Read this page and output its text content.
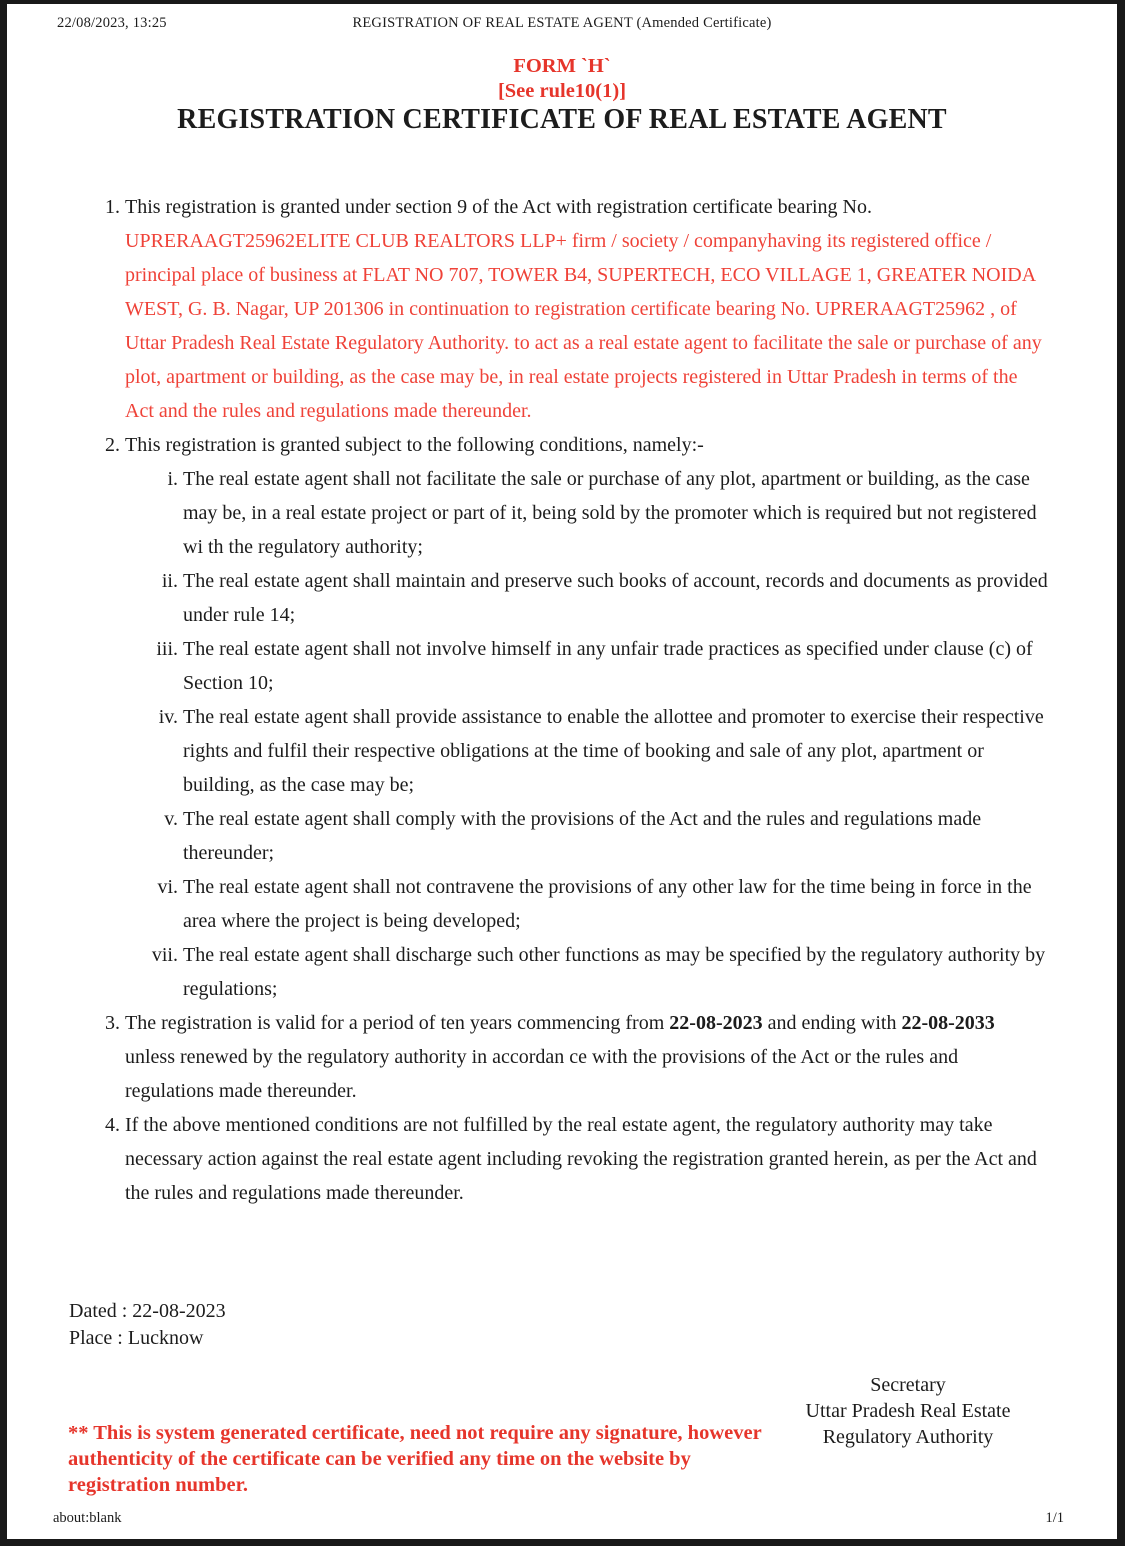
22/08/2023, 13:25	REGISTRATION OF REAL ESTATE AGENT (Amended Certificate)
FORM `H`
[See rule10(1)]
REGISTRATION CERTIFICATE OF REAL ESTATE AGENT
1. This registration is granted under section 9 of the Act with registration certificate bearing No. UPRERAAGT25962ELITE CLUB REALTORS LLP+ firm / society / companyhaving its registered office / principal place of business at FLAT NO 707, TOWER B4, SUPERTECH, ECO VILLAGE 1, GREATER NOIDA WEST, G. B. Nagar, UP 201306 in continuation to registration certificate bearing No. UPRERAAGT25962 , of Uttar Pradesh Real Estate Regulatory Authority. to act as a real estate agent to facilitate the sale or purchase of any plot, apartment or building, as the case may be, in real estate projects registered in Uttar Pradesh in terms of the Act and the rules and regulations made thereunder.
2. This registration is granted subject to the following conditions, namely:-
i. The real estate agent shall not facilitate the sale or purchase of any plot, apartment or building, as the case may be, in a real estate project or part of it, being sold by the promoter which is required but not registered wi th the regulatory authority;
ii. The real estate agent shall maintain and preserve such books of account, records and documents as provided under rule 14;
iii. The real estate agent shall not involve himself in any unfair trade practices as specified under clause (c) of Section 10;
iv. The real estate agent shall provide assistance to enable the allottee and promoter to exercise their respective rights and fulfil their respective obligations at the time of booking and sale of any plot, apartment or building, as the case may be;
v. The real estate agent shall comply with the provisions of the Act and the rules and regulations made thereunder;
vi. The real estate agent shall not contravene the provisions of any other law for the time being in force in the area where the project is being developed;
vii. The real estate agent shall discharge such other functions as may be specified by the regulatory authority by regulations;
3. The registration is valid for a period of ten years commencing from 22-08-2023 and ending with 22-08-2033 unless renewed by the regulatory authority in accordan ce with the provisions of the Act or the rules and regulations made thereunder.
4. If the above mentioned conditions are not fulfilled by the real estate agent, the regulatory authority may take necessary action against the real estate agent including revoking the registration granted herein, as per the Act and the rules and regulations made thereunder.
Dated : 22-08-2023
Place : Lucknow
Secretary
Uttar Pradesh Real Estate
Regulatory Authority
** This is system generated certificate, need not require any signature, however authenticity of the certificate can be verified any time on the website by registration number.
about:blank	1/1
